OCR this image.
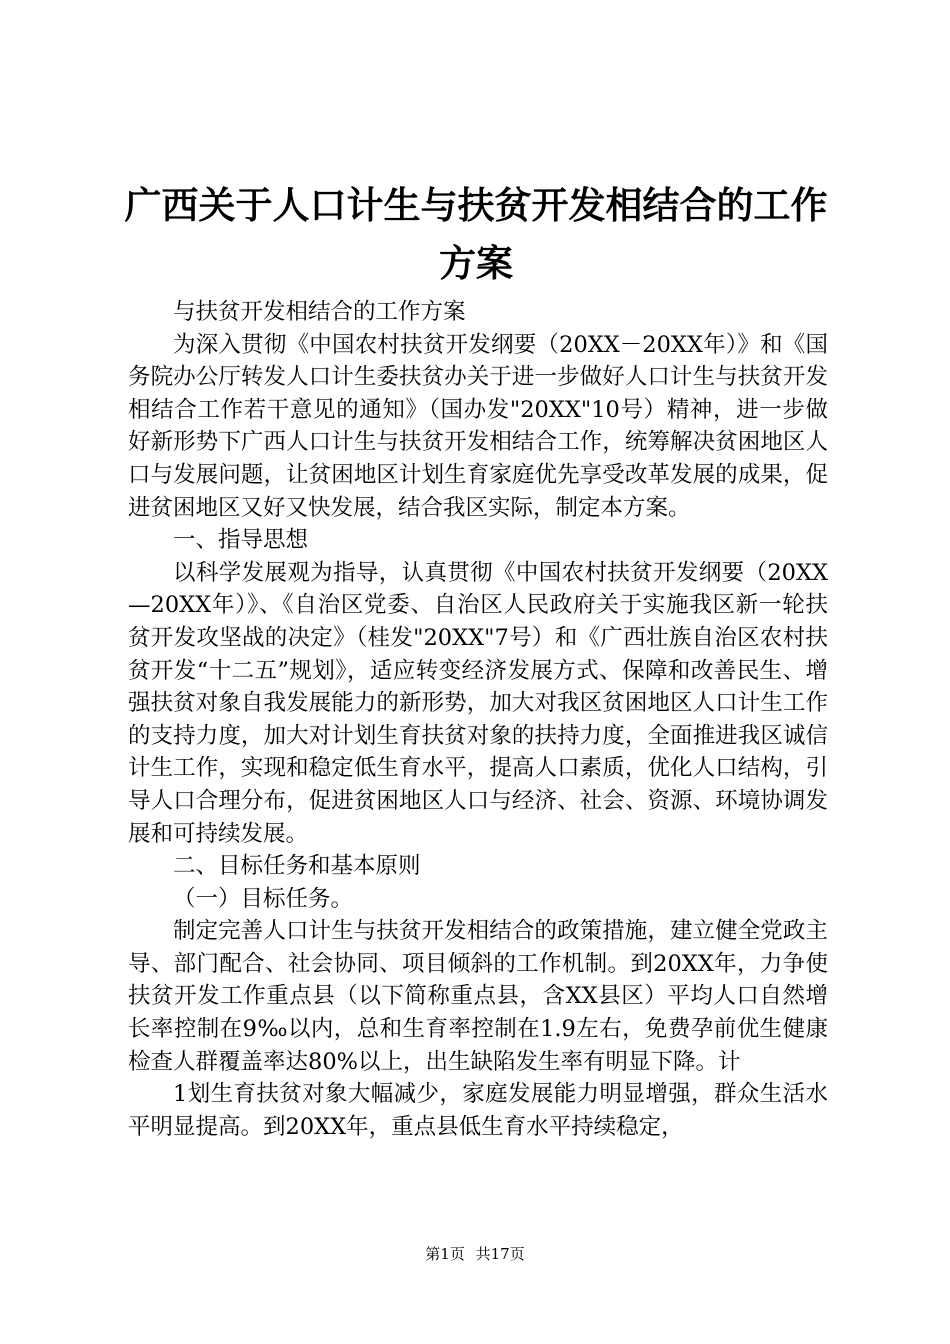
广西关于人口计生与扶贫开发相结合的工作方案

与扶贫开发相结合的工作方案

为深入贯彻《中国农村扶贫开发纲要（20XX－20XX年）》和《国务院办公厅转发人口计生委扶贫办关于进一步做好人口计生与扶贫开发相结合工作若干意见的通知》（国办发"20XX"10号）精神，进一步做好新形势下广西人口计生与扶贫开发相结合工作，统筹解决贫困地区人口与发展问题，让贫困地区计划生育家庭优先享受改革发展的成果，促进贫困地区又好又快发展，结合我区实际，制定本方案。

一、指导思想

以科学发展观为指导，认真贯彻《中国农村扶贫开发纲要（20XX—20XX年）》、《自治区党委、自治区人民政府关于实施我区新一轮扶贫开发攻坚战的决定》（桂发"20XX"7号）和《广西壮族自治区农村扶贫开发“十二五”规划》，适应转变经济发展方式、保障和改善民生、增强扶贫对象自我发展能力的新形势，加大对我区贫困地区人口计生工作的支持力度，加大对计划生育扶贫对象的扶持力度，全面推进我区诚信计生工作，实现和稳定低生育水平，提高人口素质，优化人口结构，引导人口合理分布，促进贫困地区人口与经济、社会、资源、环境协调发展和可持续发展。

二、目标任务和基本原则

（一）目标任务。

制定完善人口计生与扶贫开发相结合的政策措施，建立健全党政主导、部门配合、社会协同、项目倾斜的工作机制。到20XX年，力争使扶贫开发工作重点县（以下简称重点县，含XX县区）平均人口自然增长率控制在9‰以内，总和生育率控制在1.9左右，免费孕前优生健康检查人群覆盖率达80%以上，出生缺陷发生率有明显下降。计

1划生育扶贫对象大幅减少，家庭发展能力明显增强，群众生活水平明显提高。到20XX年，重点县低生育水平持续稳定，

第1页 共17页
